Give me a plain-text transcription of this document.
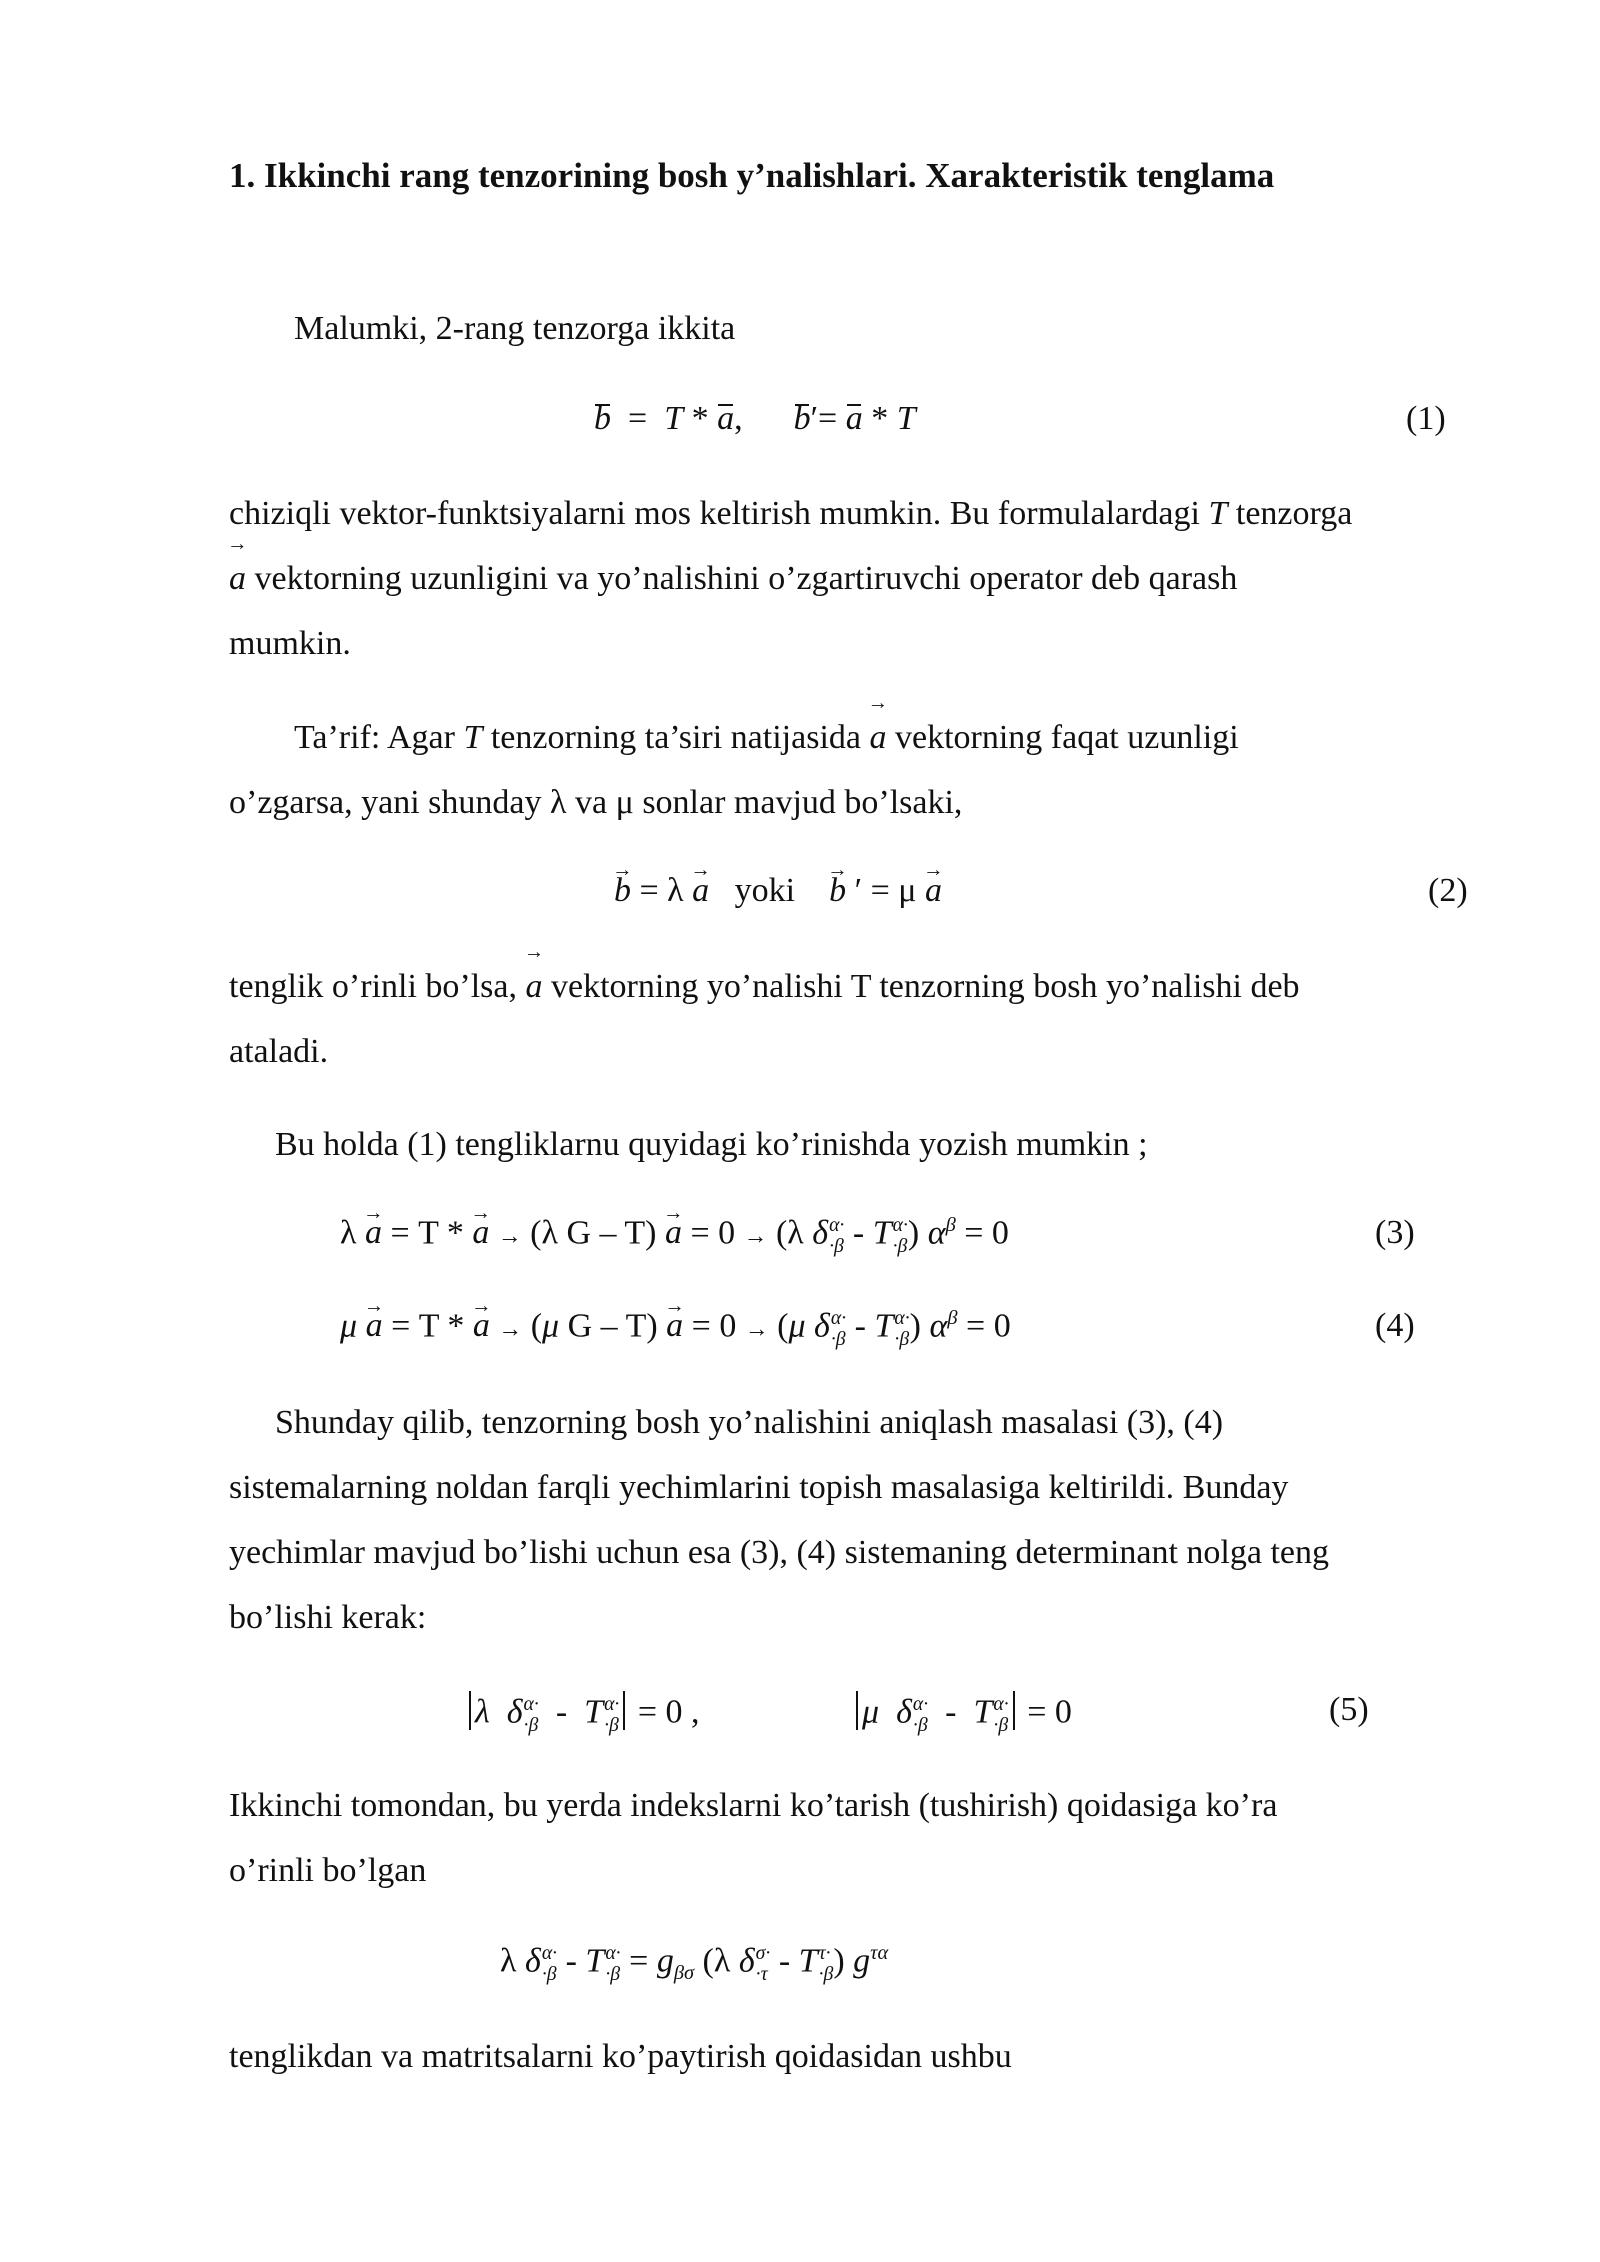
1. Ikkinchi rang tenzorining bosh y’nalishlari. Xarakteristik tenglama
Malumki, 2-rang tenzorga ikkita
b  =  T * a,      b′= a * T	(1)
chiziqli vektor-funktsiyalarni mos keltirish mumkin. Bu formulalardagi T tenzorga
→ a vektorning uzunligini va yo’nalishini o’zgartiruvchi operator deb qarash
mumkin.
Ta’rif: Agar T tenzorning ta’siri natijasida → a vektorning faqat uzunligi
o’zgarsa, yani shunday λ va μ sonlar mavjud bo’lsaki,
→ b = λ → a yoki → b ′ = μ → a	(2)
tenglik o’rinli bo’lsa, → a vektorning yo’nalishi T tenzorning bosh yo’nalishi deb
ataladi.
Bu holda (1) tengliklarnu quyidagi ko’rinishda yozish mumkin ;
λ → a = T * → a → (λ G – T) → a = 0 → (λ δ α·
·β - T α·
·β ) $\alpha^\beta = 0$	(3)
μ → a = T * → a → (μ G – T) → a = 0 → (μ δ α·
·β - T α·
·β ) $\alpha^\beta = 0$	(4)
Shunday qilib, tenzorning bosh yo’nalishini aniqlash masalasi (3), (4)
sistemalarning noldan farqli yechimlarini topish masalasiga keltirildi. Bunday
yechimlar mavjud bo’lishi uchun esa (3), (4) sistemaning determinant nolga teng
bo’lishi kerak:
λ δ α·
·β -  T α·
·β = 0 ,	μ δ α·
·β -  T α·
·β = 0	(5)
Ikkinchi tomondan, bu yerda indekslarni ko’tarish (tushirish) qoidasiga ko’ra
o’rinli bo’lgan
λ δ α·
·β - T α·
$\cdot\beta = g_{\beta\sigma}$ (λ δ σ·
·τ - T τ·
·β ) $g^{\tau\alpha}$
tenglikdan va matritsalarni ko’paytirish qoidasidan ushbu
